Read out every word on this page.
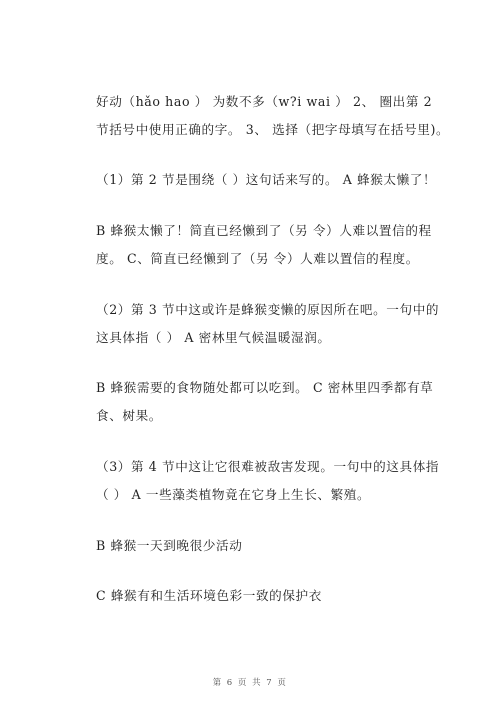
好动（hǎo hao ） 为数不多（w?i wai ） 2、 圈出第 2
节括号中使用正确的字。 3、 选择（把字母填写在括号里)。
（1）第 2 节是围绕（ ）这句话来写的。 A 蜂猴太懒了！
B 蜂猴太懒了！简直已经懒到了（另 令）人难以置信的程
度。 C、简直已经懒到了（另 令）人难以置信的程度。
（2）第 3 节中这或许是蜂猴变懒的原因所在吧。一句中的
这具体指（ ） A 密林里气候温暖湿润。
B 蜂猴需要的食物随处都可以吃到。 C 密林里四季都有草
食、树果。
（3）第 4 节中这让它很难被敌害发现。一句中的这具体指
（ ） A 一些藻类植物竟在它身上生长、繁殖。
B 蜂猴一天到晚很少活动
C 蜂猴有和生活环境色彩一致的保护衣
第 6 页 共 7 页
